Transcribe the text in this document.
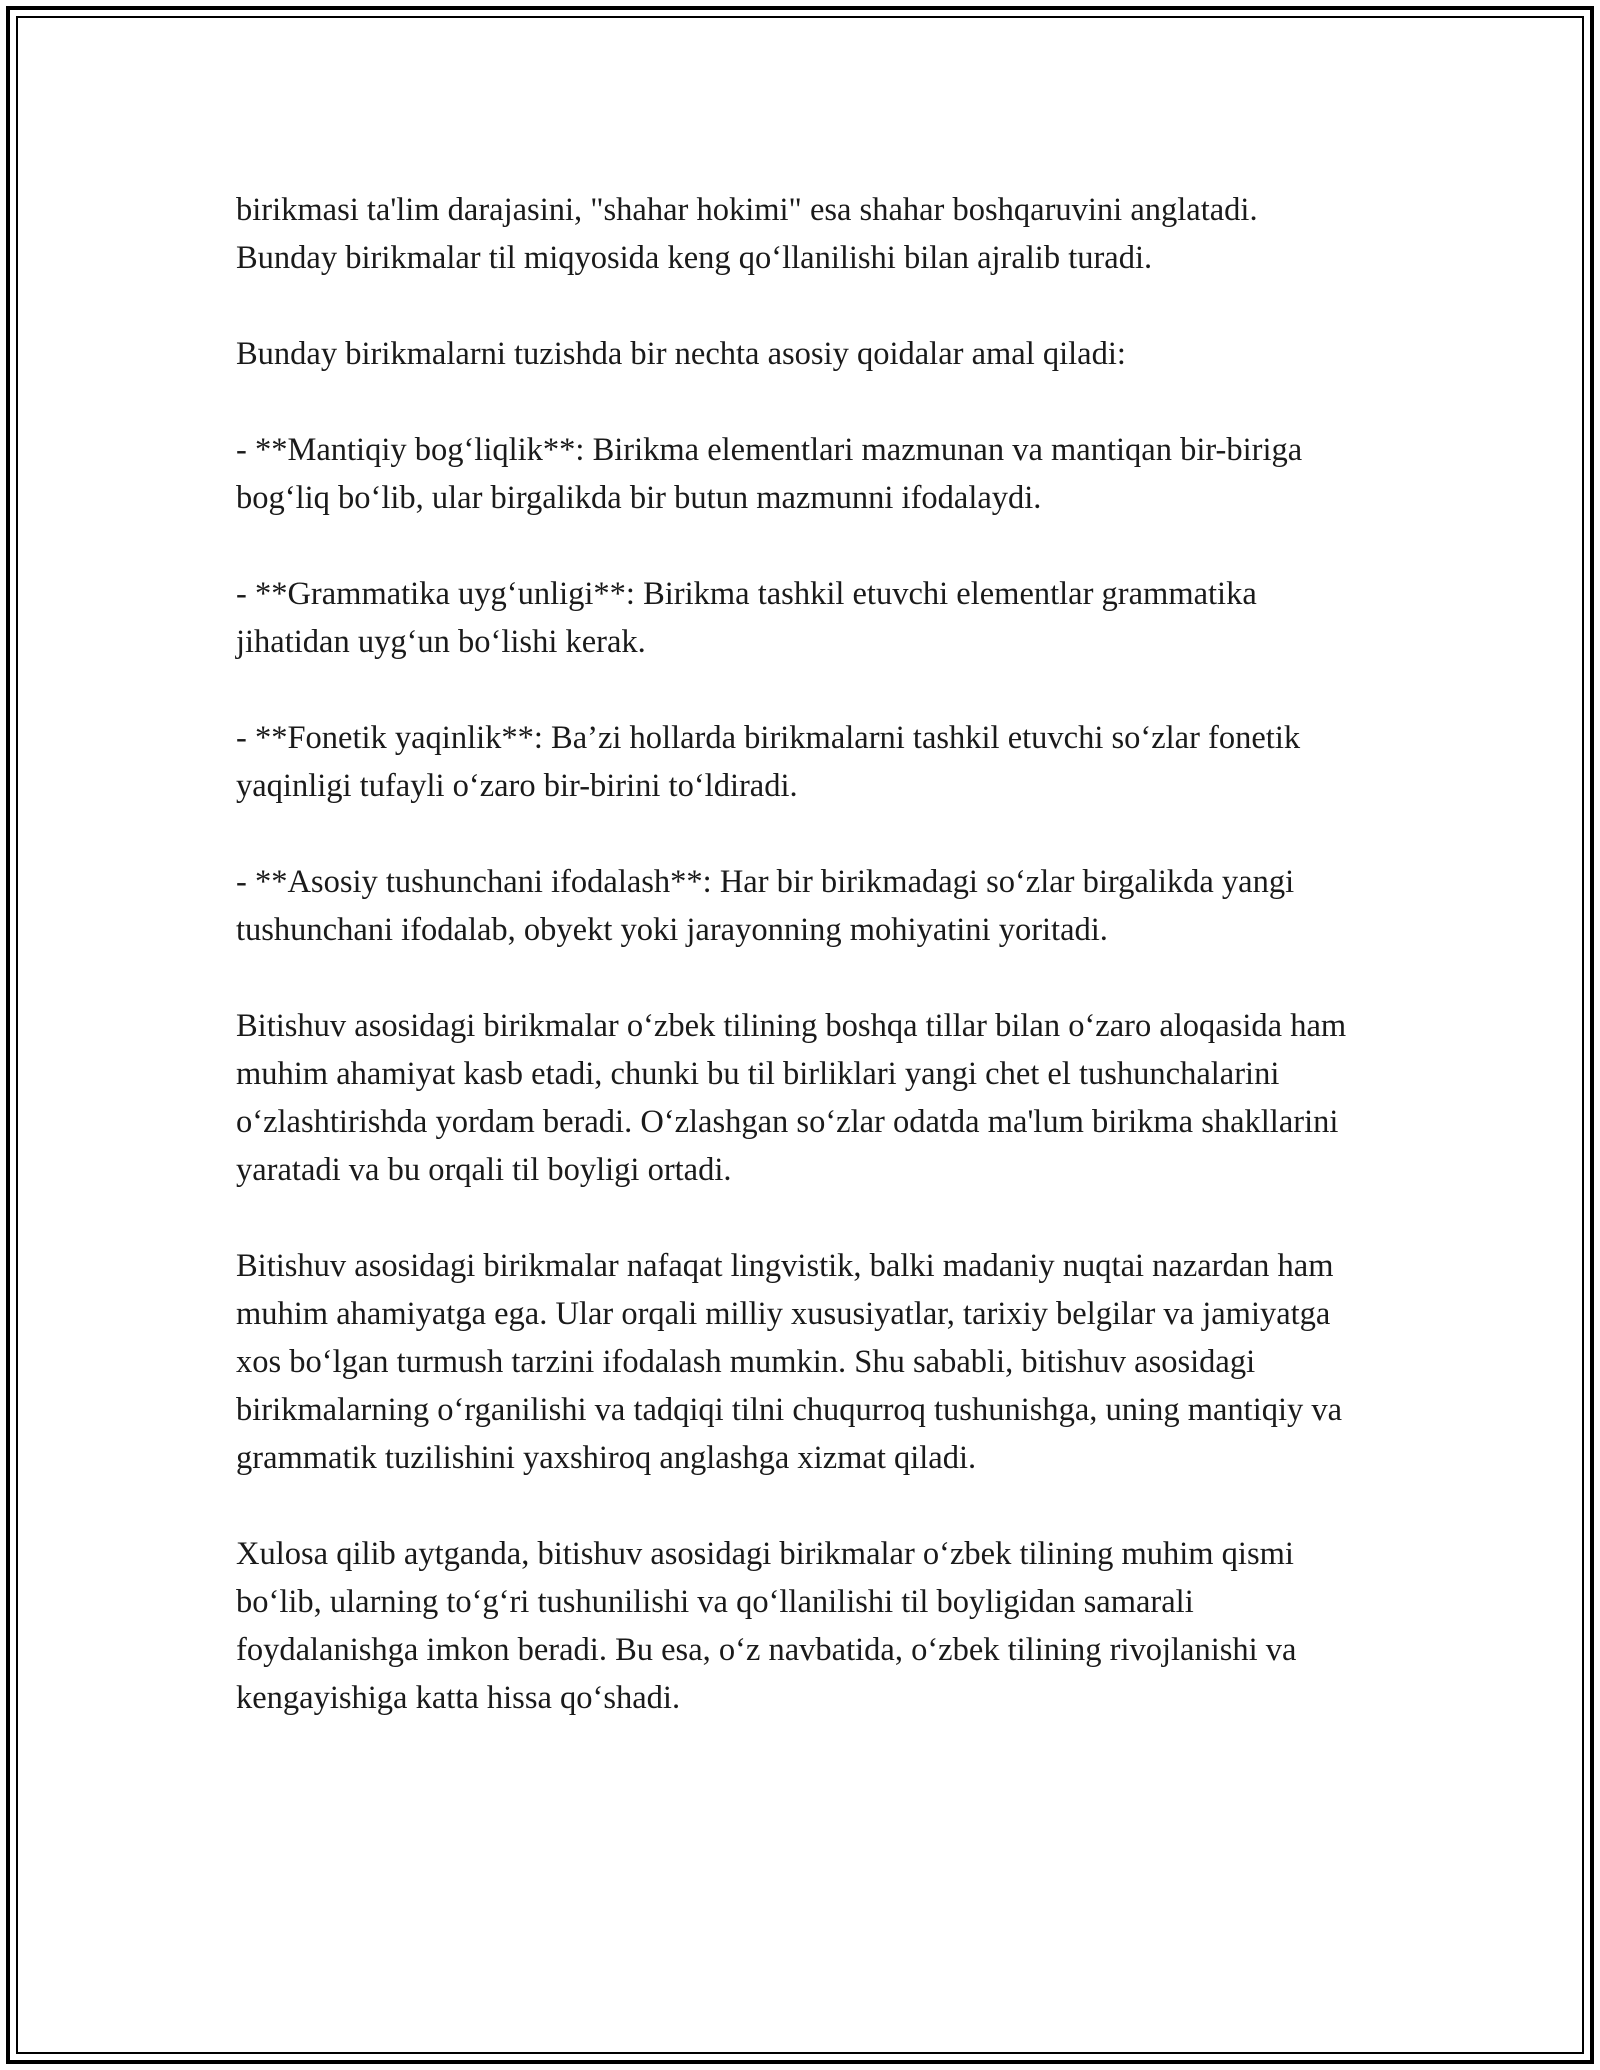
birikmasi ta'lim darajasini, "shahar hokimi" esa shahar boshqaruvini anglatadi. Bunday birikmalar til miqyosida keng qo‘llanilishi bilan ajralib turadi.

Bunday birikmalarni tuzishda bir nechta asosiy qoidalar amal qiladi:

- **Mantiqiy bog‘liqlik**: Birikma elementlari mazmunan va mantiqan bir-biriga bog‘liq bo‘lib, ular birgalikda bir butun mazmunni ifodalaydi.

- **Grammatika uyg‘unligi**: Birikma tashkil etuvchi elementlar grammatika jihatidan uyg‘un bo‘lishi kerak.

- **Fonetik yaqinlik**: Ba’zi hollarda birikmalarni tashkil etuvchi so‘zlar fonetik yaqinligi tufayli o‘zaro bir-birini to‘ldiradi.

- **Asosiy tushunchani ifodalash**: Har bir birikmadagi so‘zlar birgalikda yangi tushunchani ifodalab, obyekt yoki jarayonning mohiyatini yoritadi.

Bitishuv asosidagi birikmalar o‘zbek tilining boshqa tillar bilan o‘zaro aloqasida ham muhim ahamiyat kasb etadi, chunki bu til birliklari yangi chet el tushunchalarini o‘zlashtirishda yordam beradi. O‘zlashgan so‘zlar odatda ma'lum birikma shakllarini yaratadi va bu orqali til boyligi ortadi.

Bitishuv asosidagi birikmalar nafaqat lingvistik, balki madaniy nuqtai nazardan ham muhim ahamiyatga ega. Ular orqali milliy xususiyatlar, tarixiy belgilar va jamiyatga xos bo‘lgan turmush tarzini ifodalash mumkin. Shu sababli, bitishuv asosidagi birikmalarning o‘rganilishi va tadqiqi tilni chuqurroq tushunishga, uning mantiqiy va grammatik tuzilishini yaxshiroq anglashga xizmat qiladi.

Xulosa qilib aytganda, bitishuv asosidagi birikmalar o‘zbek tilining muhim qismi bo‘lib, ularning to‘g‘ri tushunilishi va qo‘llanilishi til boyligidan samarali foydalanishga imkon beradi. Bu esa, o‘z navbatida, o‘zbek tilining rivojlanishi va kengayishiga katta hissa qo‘shadi.
